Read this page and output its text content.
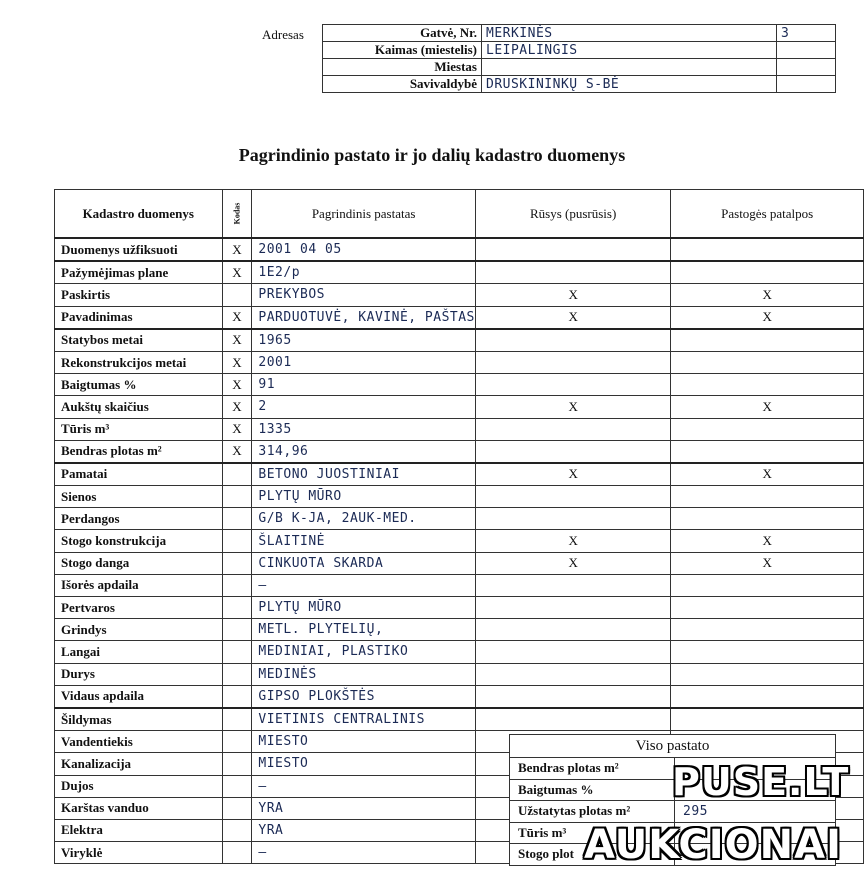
Adresas	Gatvė, Nr.	MERKINĖS	3
Kaimas (miestelis)	LEIPALINGIS	
Miestas		
Savivaldybė	DRUSKININKŲ S-BĖ	
Pagrindinio pastato ir jo dalių kadastro duomenys
Kadastro duomenys	Kodas	Pagrindinis pastatas	Rūsys (pusrūsis)	Pastogės patalpos
Duomenys užfiksuoti	X	2001 04 05		
Pažymėjimas plane	X	1E2/p		
Paskirtis		PREKYBOS	X	X
Pavadinimas	X	PARDUOTUVĖ, KAVINĖ, PAŠTAS	X	X
Statybos metai	X	1965		
Rekonstrukcijos metai	X	2001		
Baigtumas %	X	91		
Aukštų skaičius	X	2	X	X
Tūris m³	X	1335		
Bendras plotas m²	X	314,96		
Pamatai		BETONO JUOSTINIAI	X	X
Sienos		PLYTŲ MŪRO		
Perdangos		G/B K-JA, 2AUK-MED.		
Stogo konstrukcija		ŠLAITINĖ	X	X
Stogo danga		CINKUOTA SKARDA	X	X
Išorės apdaila		–		
Pertvaros		PLYTŲ MŪRO		
Grindys		METL. PLYTELIŲ,		
Langai		MEDINIAI, PLASTIKO		
Durys		MEDINĖS		
Vidaus apdaila		GIPSO PLOKŠTĖS		
Šildymas		VIETINIS CENTRALINIS		
Vandentiekis		MIESTO		
Kanalizacija		MIESTO		
Dujos		–		
Karštas vanduo		YRA		
Elektra		YRA		
Viryklė		–		
Viso pastato	
Bendras plotas m²	
Baigtumas %	
Užstatytas plotas m²	295
Tūris m³	
Stogo plot	
PUSE.LT
AUKCIONAI
